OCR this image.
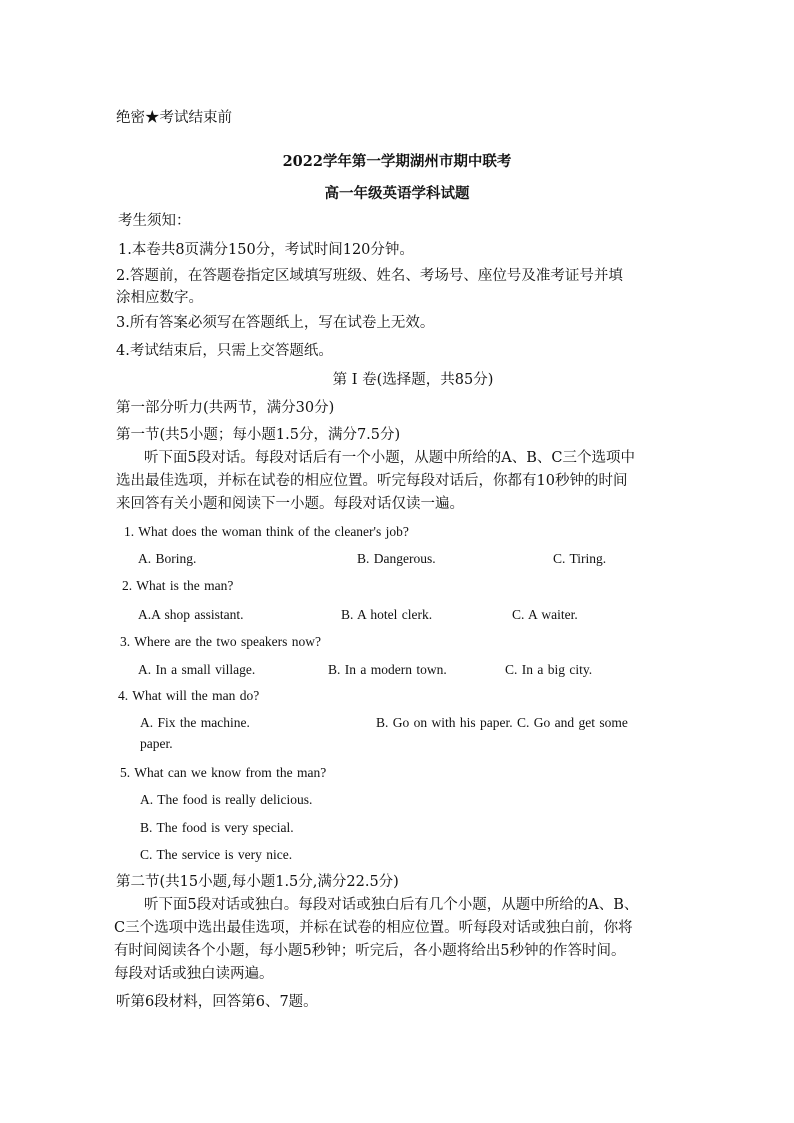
绝密★考试结束前
2022学年第一学期湖州市期中联考
高一年级英语学科试题
考生须知：
1.本卷共8页满分150分，考试时间120分钟。
2.答题前，在答题卷指定区域填写班级、姓名、考场号、座位号及准考证号并填
涂相应数字。
3.所有答案必须写在答题纸上，写在试卷上无效。
4.考试结束后，只需上交答题纸。
第 I 卷(选择题，共85分)
第一部分听力(共两节，满分30分)
第一节(共5小题；每小题1.5分，满分7.5分)
听下面5段对话。每段对话后有一个小题，从题中所给的A、B、C三个选项中
选出最佳选项，并标在试卷的相应位置。听完每段对话后，你都有10秒钟的时间
来回答有关小题和阅读下一小题。每段对话仅读一遍。
1. What does the woman think of the cleaner's job?
A. Boring.	B. Dangerous.	C. Tiring.
2. What is the man?
A.A shop assistant.	B. A hotel clerk.	C. A waiter.
3. Where are the two speakers now?
A. In a small village.	B. In a modern town.	C. In a big city.
4. What will the man do?
A. Fix the machine.	B. Go on with his paper. C. Go and get some
paper.
5. What can we know from the man?
A. The food is really delicious.
B. The food is very special.
C. The service is very nice.
第二节(共15小题,每小题1.5分,满分22.5分)
听下面5段对话或独白。每段对话或独白后有几个小题，从题中所给的A、B、
C三个选项中选出最佳选项，并标在试卷的相应位置。听每段对话或独白前，你将
有时间阅读各个小题，每小题5秒钟；听完后，各小题将给出5秒钟的作答时间。
每段对话或独白读两遍。
听第6段材料，回答第6、7题。
